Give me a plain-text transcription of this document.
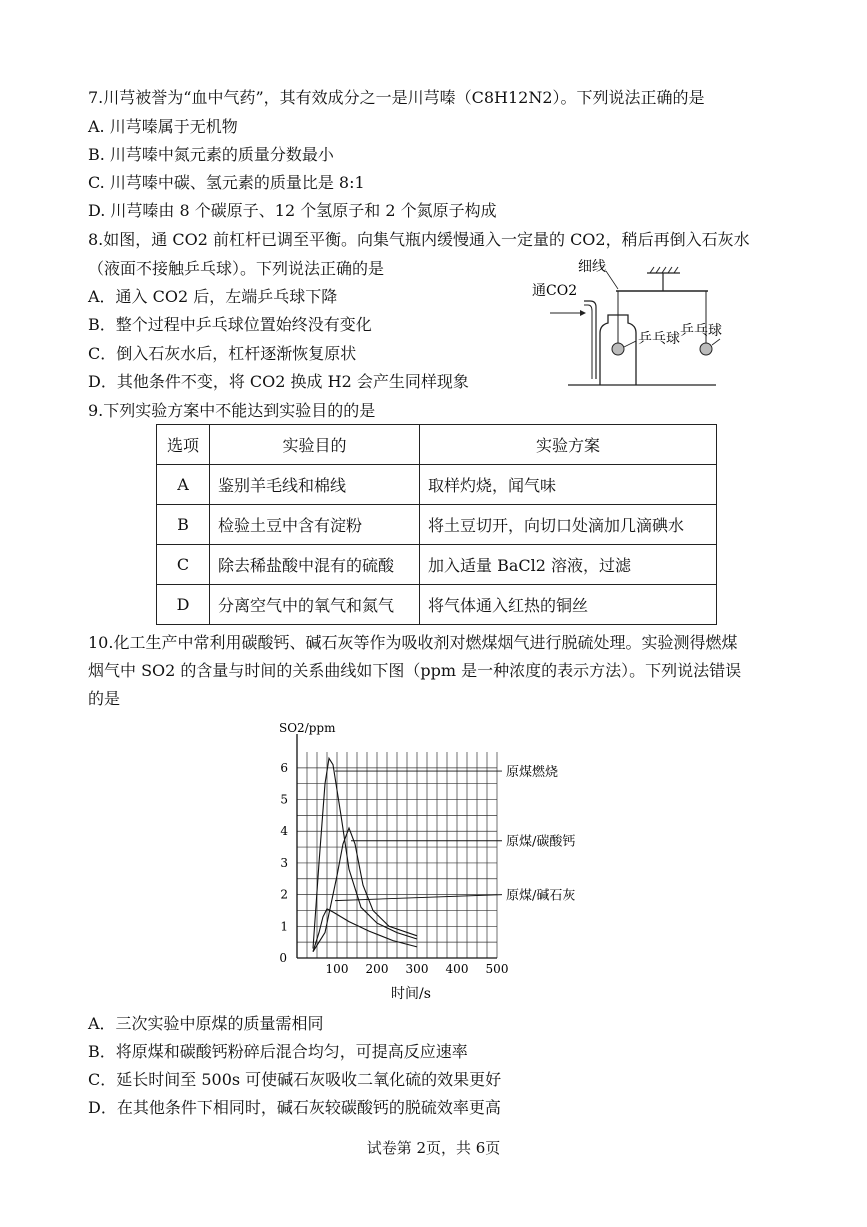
7.川芎被誉为“血中气药”，其有效成分之一是川芎嗪（C8H12N2）。下列说法正确的是
A. 川芎嗪属于无机物
B. 川芎嗪中氮元素的质量分数最小
C. 川芎嗪中碳、氢元素的质量比是 8:1
D. 川芎嗪由 8 个碳原子、12 个氢原子和 2 个氮原子构成
8.如图，通 CO2 前杠杆已调至平衡。向集气瓶内缓慢通入一定量的 CO2，稍后再倒入石灰水
（液面不接触乒乓球）。下列说法正确的是
A．通入 CO2 后，左端乒乓球下降
B．整个过程中乒乓球位置始终没有变化
C．倒入石灰水后，杠杆逐渐恢复原状
D．其他条件不变，将 CO2 换成 H2 会产生同样现象
细线
通CO2
乒乓球 乒乓球
9.下列实验方案中不能达到实验目的的是
选项	实验目的	实验方案
A	鉴别羊毛线和棉线	取样灼烧，闻气味
B	检验土豆中含有淀粉	将土豆切开，向切口处滴加几滴碘水
C	除去稀盐酸中混有的硫酸	加入适量 BaCl2 溶液，过滤
D	分离空气中的氧气和氮气	将气体通入红热的铜丝
10.化工生产中常利用碳酸钙、碱石灰等作为吸收剂对燃煤烟气进行脱硫处理。实验测得燃煤
烟气中 SO2 的含量与时间的关系曲线如下图（ppm 是一种浓度的表示方法）。下列说法错误
的是
100 200 300 400 500
1
2
3
4
5
6
0
SO2/ppm
时间/s
原煤燃烧
原煤/碳酸钙
原煤/碱石灰
A．三次实验中原煤的质量需相同
B．将原煤和碳酸钙粉碎后混合均匀，可提高反应速率
C．延长时间至 500s 可使碱石灰吸收二氧化硫的效果更好
D．在其他条件下相同时，碱石灰较碳酸钙的脱硫效率更高
试卷第 2页，共 6页
